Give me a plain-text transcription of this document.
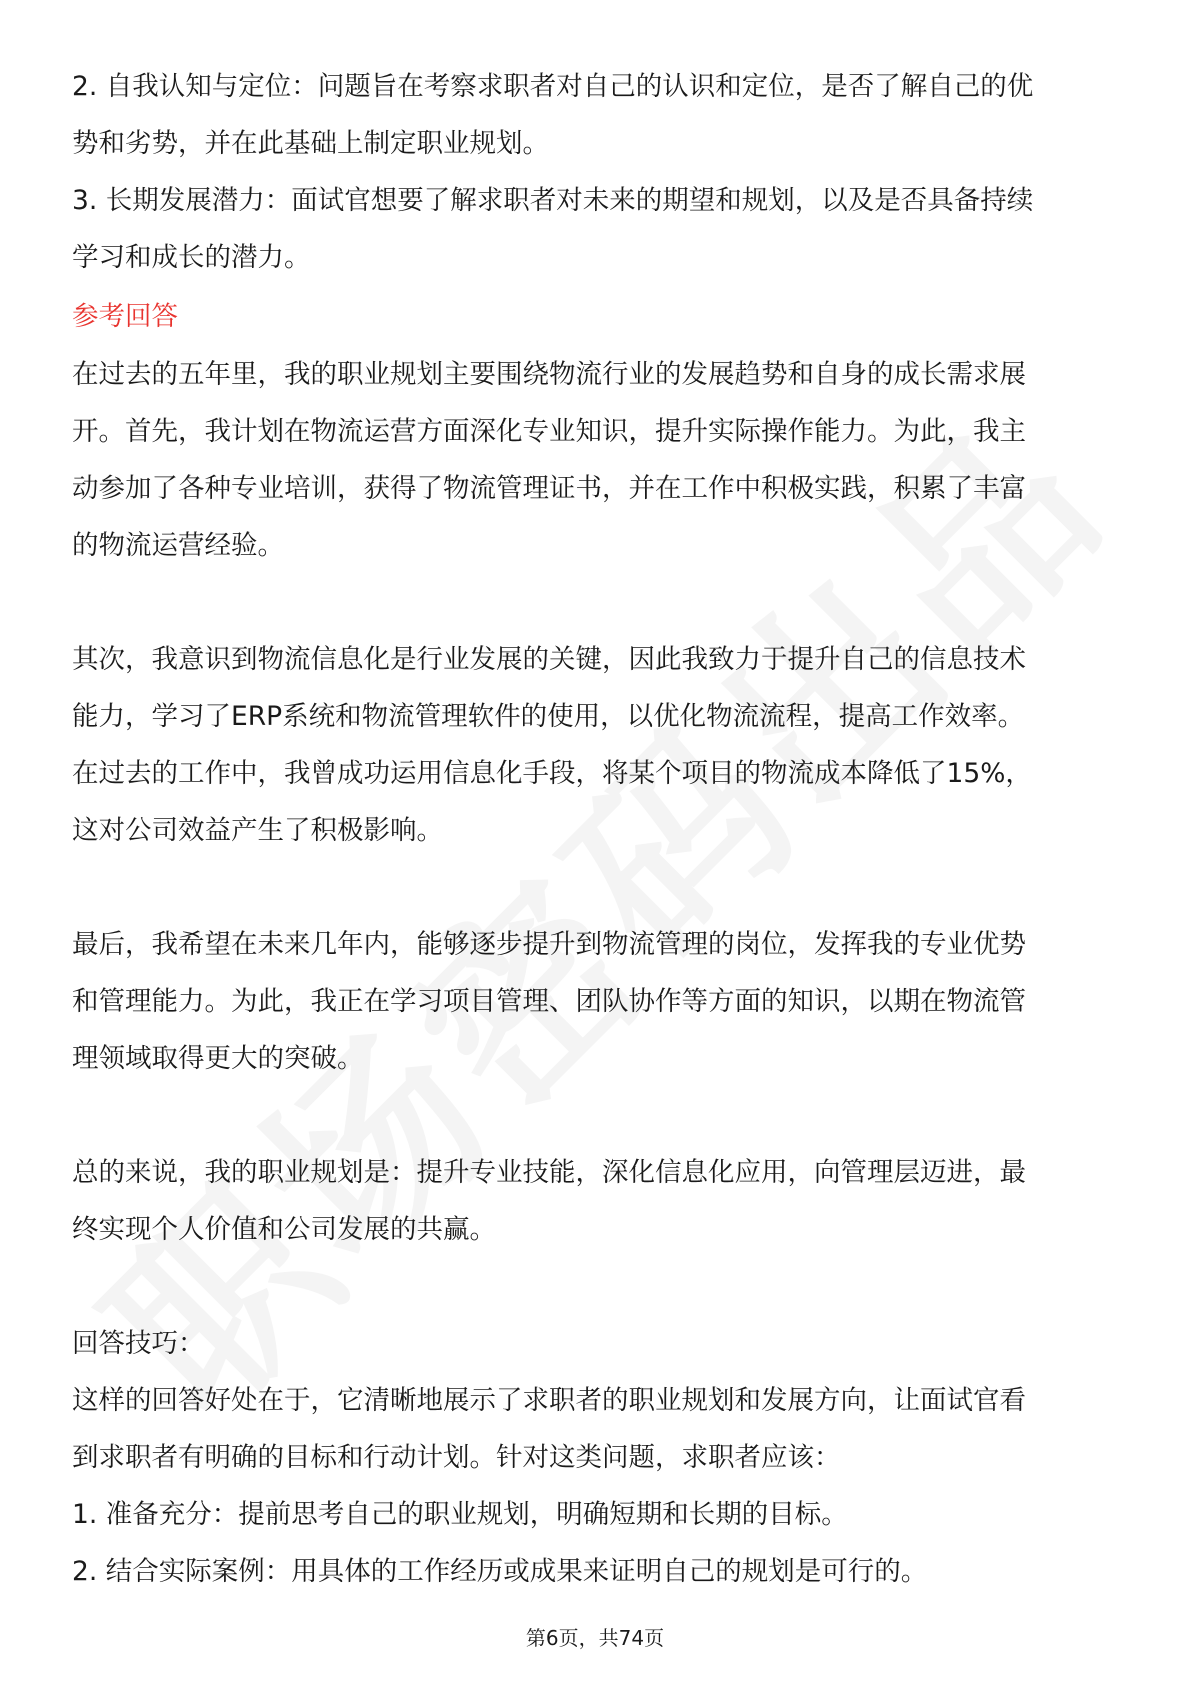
2. 自我认知与定位：问题旨在考察求职者对自己的认识和定位，是否了解自己的优
势和劣势，并在此基础上制定职业规划。
3. 长期发展潜力：面试官想要了解求职者对未来的期望和规划，以及是否具备持续
学习和成长的潜力。
参考回答
在过去的五年里，我的职业规划主要围绕物流行业的发展趋势和自身的成长需求展
开。首先，我计划在物流运营方面深化专业知识，提升实际操作能力。为此，我主
动参加了各种专业培训，获得了物流管理证书，并在工作中积极实践，积累了丰富
的物流运营经验。
其次，我意识到物流信息化是行业发展的关键，因此我致力于提升自己的信息技术
能力，学习了ERP系统和物流管理软件的使用，以优化物流流程，提高工作效率。
在过去的工作中，我曾成功运用信息化手段，将某个项目的物流成本降低了15%，
这对公司效益产生了积极影响。
最后，我希望在未来几年内，能够逐步提升到物流管理的岗位，发挥我的专业优势
和管理能力。为此，我正在学习项目管理、团队协作等方面的知识，以期在物流管
理领域取得更大的突破。
总的来说，我的职业规划是：提升专业技能，深化信息化应用，向管理层迈进，最
终实现个人价值和公司发展的共赢。
回答技巧：
这样的回答好处在于，它清晰地展示了求职者的职业规划和发展方向，让面试官看
到求职者有明确的目标和行动计划。针对这类问题，求职者应该：
1. 准备充分：提前思考自己的职业规划，明确短期和长期的目标。
2. 结合实际案例：用具体的工作经历或成果来证明自己的规划是可行的。
第6页，共74页
